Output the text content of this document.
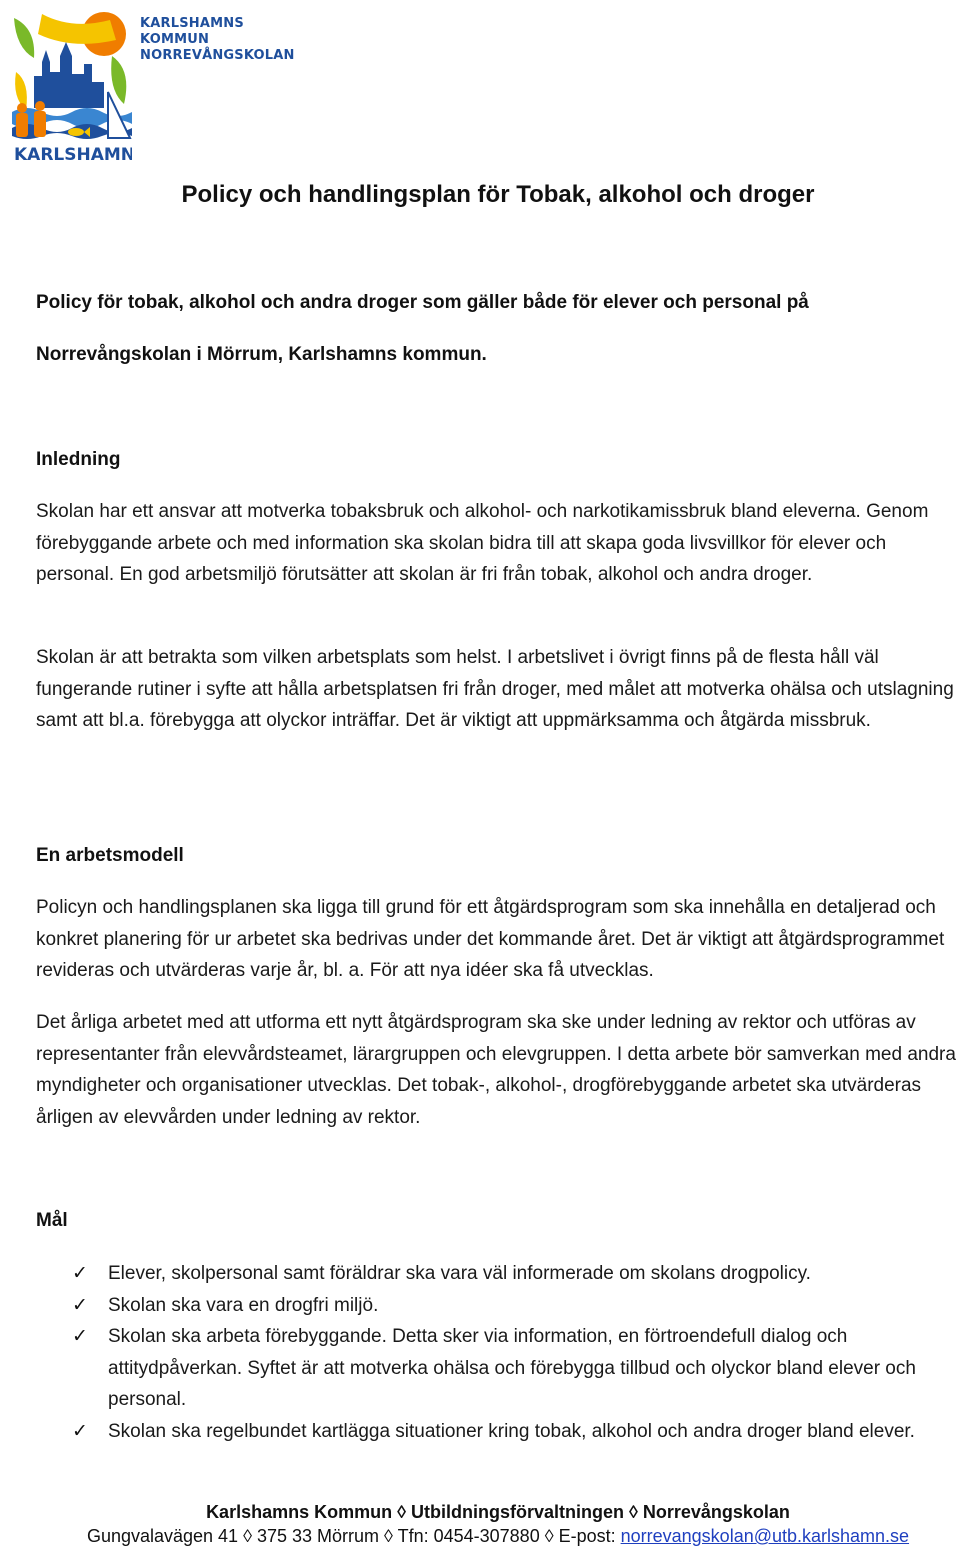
KARLSHAMN
KARLSHAMNS KOMMUN
NORREVÅNGSKOLAN
Policy och handlingsplan för Tobak, alkohol och droger
Policy för tobak, alkohol och andra droger som gäller både för elever och personal på
Norrevångskolan i Mörrum, Karlshamns kommun.
Inledning
Skolan har ett ansvar att motverka tobaksbruk och alkohol- och narkotikamissbruk bland eleverna. Genom förebyggande arbete och med information ska skolan bidra till att skapa goda livsvillkor för elever och personal. En god arbetsmiljö förutsätter att skolan är fri från tobak, alkohol och andra droger.
Skolan är att betrakta som vilken arbetsplats som helst. I arbetslivet i övrigt finns på de flesta håll väl fungerande rutiner i syfte att hålla arbetsplatsen fri från droger, med målet att motverka ohälsa och utslagning samt att bl.a. förebygga att olyckor inträffar. Det är viktigt att uppmärksamma och åtgärda missbruk.
En arbetsmodell
Policyn och handlingsplanen ska ligga till grund för ett åtgärdsprogram som ska innehålla en detaljerad och konkret planering för ur arbetet ska bedrivas under det kommande året. Det är viktigt att åtgärdsprogrammet revideras och utvärderas varje år, bl. a. För att nya idéer ska få utvecklas.
Det årliga arbetet med att utforma ett nytt åtgärdsprogram ska ske under ledning av rektor och utföras av representanter från elevvårdsteamet, lärargruppen och elevgruppen. I detta arbete bör samverkan med andra myndigheter och organisationer utvecklas. Det tobak-, alkohol-, drogförebyggande arbetet ska utvärderas årligen av elevvården under ledning av rektor.
Mål
✓ Elever, skolpersonal samt föräldrar ska vara väl informerade om skolans drogpolicy.
✓ Skolan ska vara en drogfri miljö.
✓ Skolan ska arbeta förebyggande. Detta sker via information, en förtroendefull dialog och attitydpåverkan. Syftet är att motverka ohälsa och förebygga tillbud och olyckor bland elever och personal.
✓ Skolan ska regelbundet kartlägga situationer kring tobak, alkohol och andra droger bland elever.
Karlshamns Kommun ◊ Utbildningsförvaltningen ◊ Norrevångskolan
Gungvalavägen 41 ◊ 375 33 Mörrum ◊ Tfn: 0454-307880 ◊ E-post: norrevangskolan@utb.karlshamn.se
